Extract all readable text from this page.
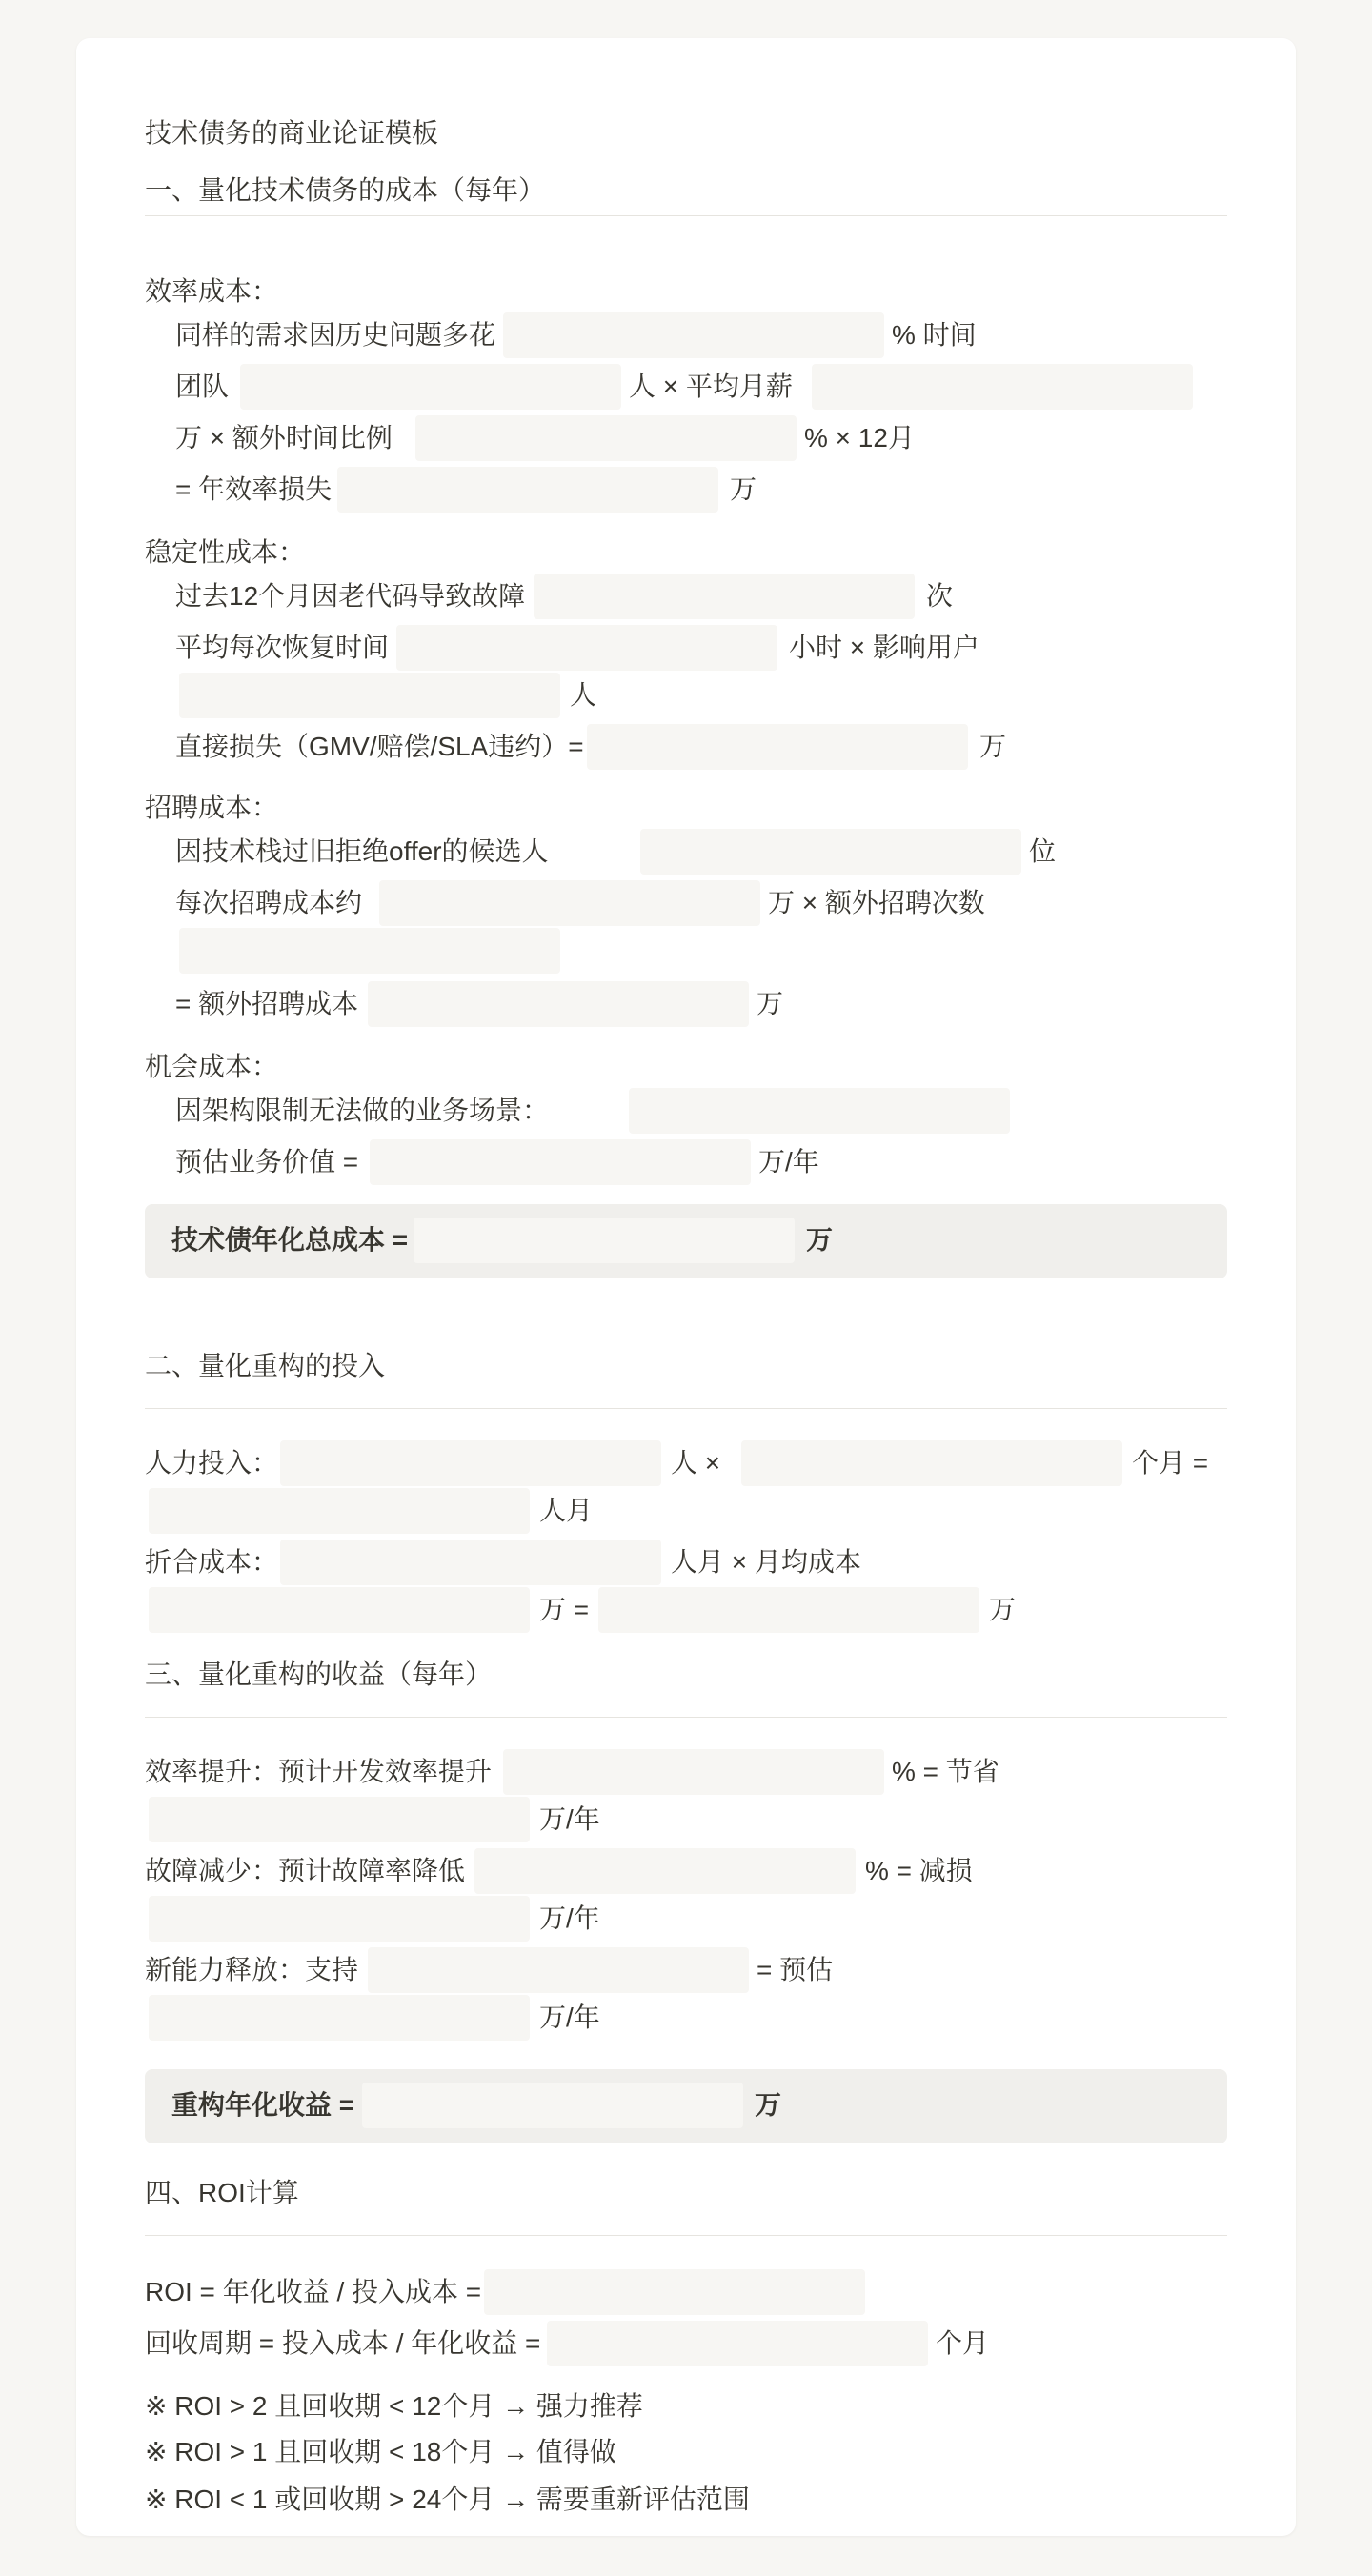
技术债务的商业论证模板
一、量化技术债务的成本（每年）
效率成本：
同样的需求因历史问题多花	% 时间
团队	人 × 平均月薪
万 × 额外时间比例	% × 12月
= 年效率损失	万
稳定性成本：
过去12个月因老代码导致故障	次
平均每次恢复时间	小时 × 影响用户
人
直接损失（GMV/赔偿/SLA违约）=	万
招聘成本：
因技术栈过旧拒绝offer的候选人	位
每次招聘成本约	万 × 额外招聘次数
= 额外招聘成本	万
机会成本：
因架构限制无法做的业务场景：
预估业务价值 =	万/年
技术债年化总成本 =	万
二、量化重构的投入
人力投入：	人 ×	个月 =
人月
折合成本：	人月 × 月均成本
万 =	万
三、量化重构的收益（每年）
效率提升：预计开发效率提升	% = 节省
万/年
故障减少：预计故障率降低	% = 减损
万/年
新能力释放：支持	= 预估
万/年
重构年化收益 =	万
四、ROI计算
ROI = 年化收益 / 投入成本 =
回收周期 = 投入成本 / 年化收益 =	个月
※ ROI > 2 且回收期 < 12个月 → 强力推荐
※ ROI > 1 且回收期 < 18个月 → 值得做
※ ROI < 1 或回收期 > 24个月 → 需要重新评估范围
